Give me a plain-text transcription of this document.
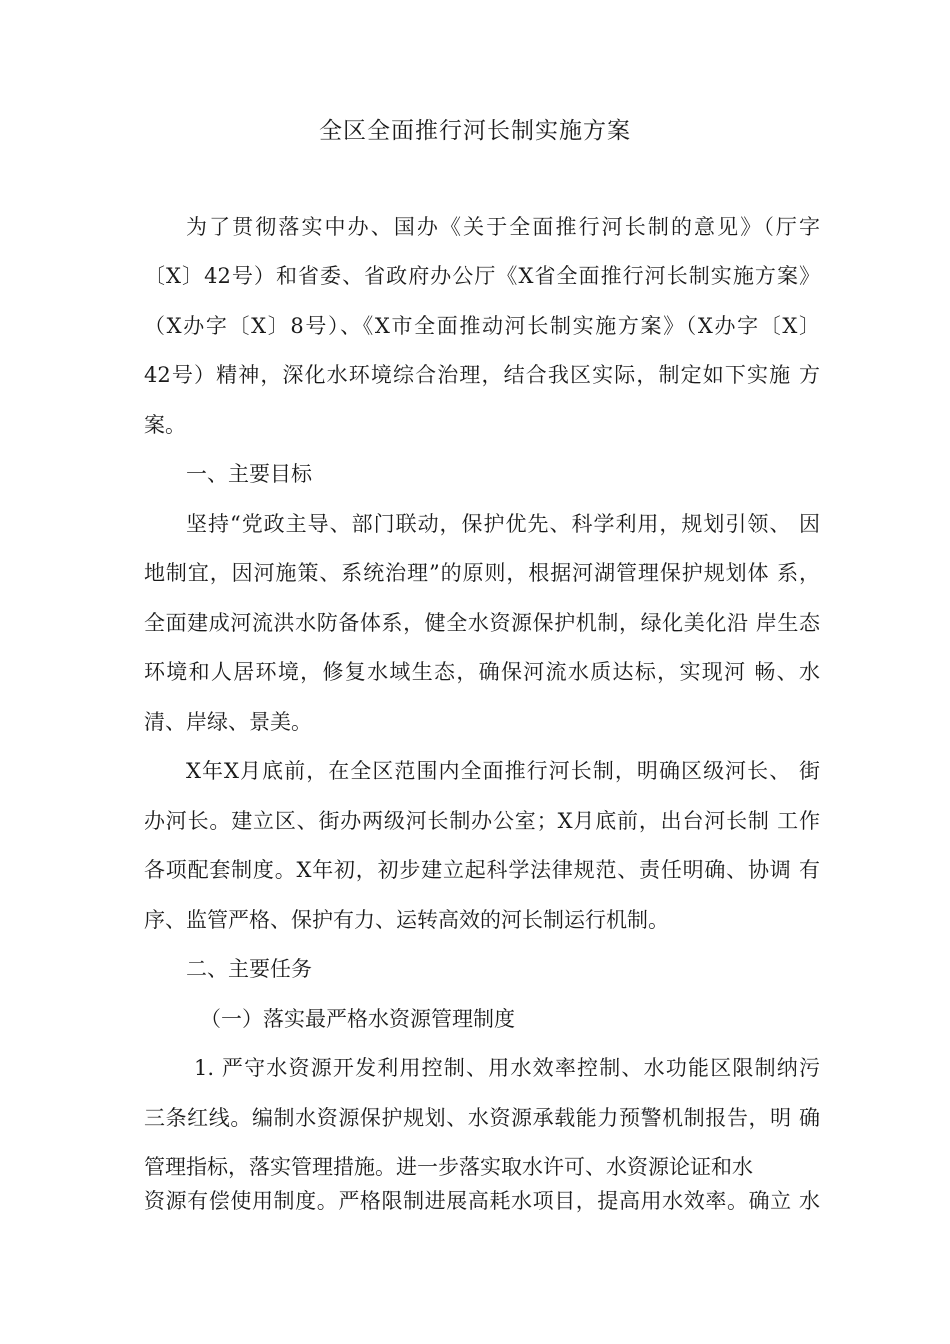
全区全面推行河长制实施方案
为了贯彻落实中办、国办《关于全面推行河长制的意见》（厅字
〔X〕42号）和省委、省政府办公厅《X省全面推行河长制实施方案》
（X办字〔X〕8号）、《X市全面推动河长制实施方案》（X办字〔X〕
42号）精神，深化水环境综合治理，结合我区实际，制定如下实施 方
案。
一、主要目标
坚持“党政主导、部门联动，保护优先、科学利用，规划引领、 因
地制宜，因河施策、系统治理”的原则，根据河湖管理保护规划体 系，
全面建成河流洪水防备体系，健全水资源保护机制，绿化美化沿 岸生态
环境和人居环境，修复水域生态，确保河流水质达标，实现河 畅、水
清、岸绿、景美。
X年X月底前，在全区范围内全面推行河长制，明确区级河长、 街
办河长。建立区、街办两级河长制办公室；X月底前，出台河长制 工作
各项配套制度。X年初，初步建立起科学法律规范、责任明确、协调 有
序、监管严格、保护有力、运转高效的河长制运行机制。
二、主要任务
（一）落实最严格水资源管理制度
1. 严守水资源开发利用控制、用水效率控制、水功能区限制纳污
三条红线。编制水资源保护规划、水资源承载能力预警机制报告，明 确
管理指标，落实管理措施。进一步落实取水许可、水资源论证和水
资源有偿使用制度。严格限制进展高耗水项目，提高用水效率。确立 水
